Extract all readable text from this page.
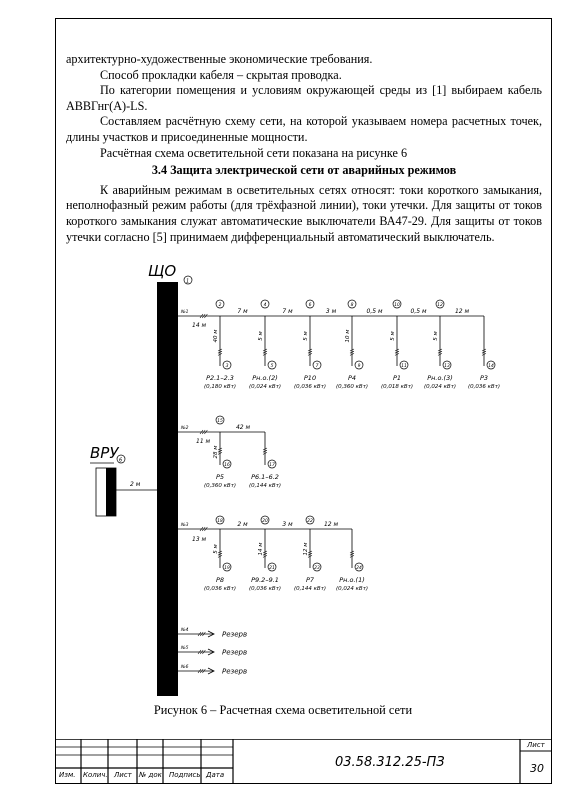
архитектурно-художественные экономические требования.

Способ прокладки кабеля – скрытая проводка.

По категории помещения и условиям окружающей среды из [1] выбираем кабель АВВГнг(А)-LS.

Составляем расчётную схему сети, на которой указываем номера расчетных точек, длины участков и присоединенные мощности.

Расчётная схема осветительной сети показана на рисунке 6

3.4 Защита электрической сети от аварийных режимов

К аварийным режимам в осветительных сетях относят: токи короткого замыкания, неполнофазный режим работы (для трёхфазной линии), токи утечки. Для защиты от токов короткого замыкания служат автоматические выключатели ВА47-29. Для защиты от токов утечки согласно [5] принимаем дифференциальный автоматический выключатель.

ЩО
1
ВРУ 6
2 м
№1
14 м
2	4	6	8	10	12
7 м	7 м	3 м	0,5 м	0,5 м	12 м
40 м
3
Р2.1–2.3
(0,180 кВт)
5 м
5
Рн.о.(2)
(0,024 кВт)
5 м
7
Р10
(0,036 кВт)
10 м
9
Р4
(0,360 кВт)
5 м
11
Р1
(0,018 кВт)
5 м
13
Рн.о.(3)
(0,024 кВт)
14
Р3
(0,036 кВт)
№2
11 м
15
42 м
28 м
16
Р5
(0,360 кВт)
17
Р6.1–6.2
(0,144 кВт)
№3
13 м
18	20	22
2 м	3 м	12 м
5 м
19
Р8
(0,036 кВт)
14 м
21
Р9.2–9.1
(0,036 кВт)
12 м
23
Р7
(0,144 кВт)
24
Рн.о.(1)
(0,024 кВт)
№4	Резерв
№5	Резерв
№6	Резерв
Рисунок 6 – Расчетная схема осветительной сети
Изм. Колич. Лист № док Подпись Дата
03.58.312.25-ПЗ
Лист
30
